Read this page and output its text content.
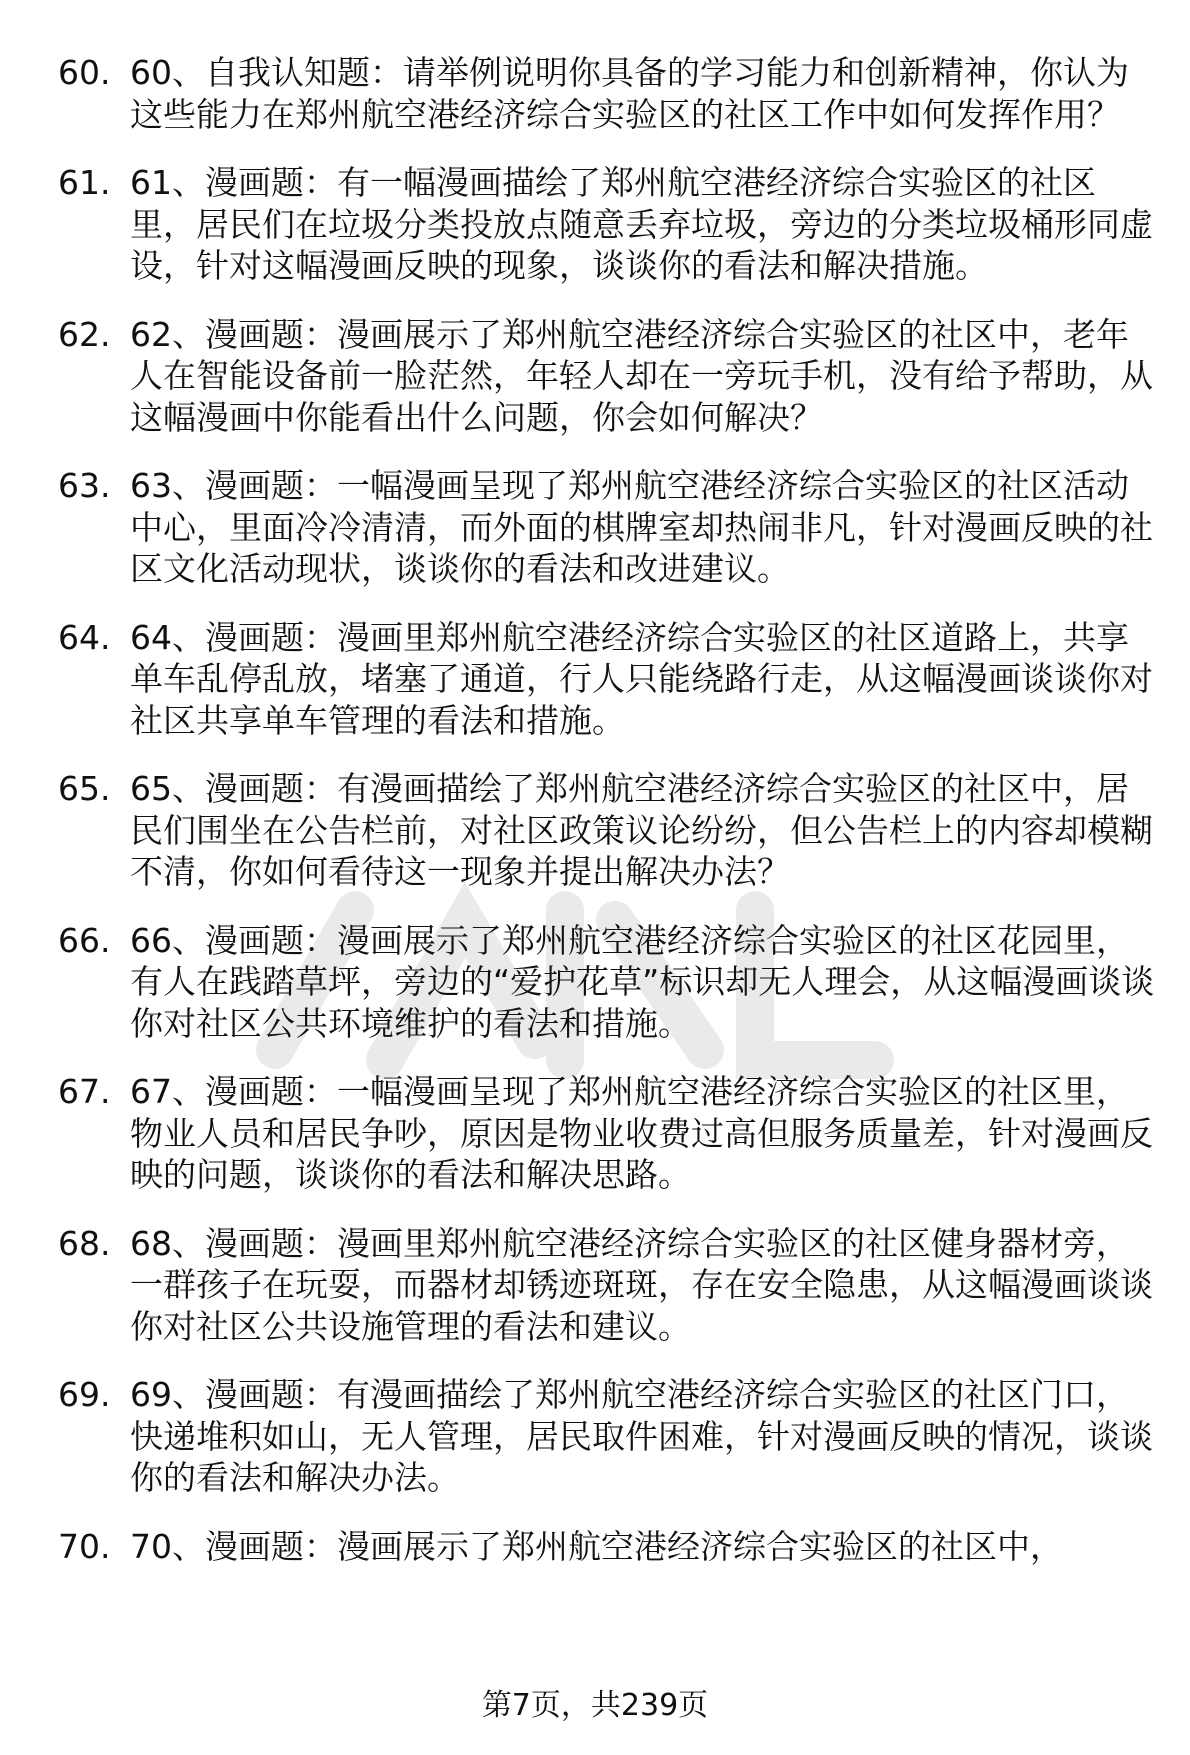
60. 60、自我认知题：请举例说明你具备的学习能力和创新精神，你认为这些能力在郑州航空港经济综合实验区的社区工作中如何发挥作用？
61. 61、漫画题：有一幅漫画描绘了郑州航空港经济综合实验区的社区里，居民们在垃圾分类投放点随意丢弃垃圾，旁边的分类垃圾桶形同虚设，针对这幅漫画反映的现象，谈谈你的看法和解决措施。
62. 62、漫画题：漫画展示了郑州航空港经济综合实验区的社区中，老年人在智能设备前一脸茫然，年轻人却在一旁玩手机，没有给予帮助，从这幅漫画中你能看出什么问题，你会如何解决？
63. 63、漫画题：一幅漫画呈现了郑州航空港经济综合实验区的社区活动中心，里面冷冷清清，而外面的棋牌室却热闹非凡，针对漫画反映的社区文化活动现状，谈谈你的看法和改进建议。
64. 64、漫画题：漫画里郑州航空港经济综合实验区的社区道路上，共享单车乱停乱放，堵塞了通道，行人只能绕路行走，从这幅漫画谈谈你对社区共享单车管理的看法和措施。
65. 65、漫画题：有漫画描绘了郑州航空港经济综合实验区的社区中，居民们围坐在公告栏前，对社区政策议论纷纷，但公告栏上的内容却模糊不清，你如何看待这一现象并提出解决办法？
66. 66、漫画题：漫画展示了郑州航空港经济综合实验区的社区花园里，有人在践踏草坪，旁边的“爱护花草”标识却无人理会，从这幅漫画谈谈你对社区公共环境维护的看法和措施。
67. 67、漫画题：一幅漫画呈现了郑州航空港经济综合实验区的社区里，物业人员和居民争吵，原因是物业收费过高但服务质量差，针对漫画反映的问题，谈谈你的看法和解决思路。
68. 68、漫画题：漫画里郑州航空港经济综合实验区的社区健身器材旁，一群孩子在玩耍，而器材却锈迹斑斑，存在安全隐患，从这幅漫画谈谈你对社区公共设施管理的看法和建议。
69. 69、漫画题：有漫画描绘了郑州航空港经济综合实验区的社区门口，快递堆积如山，无人管理，居民取件困难，针对漫画反映的情况，谈谈你的看法和解决办法。
70. 70、漫画题：漫画展示了郑州航空港经济综合实验区的社区中，
第7页，共239页
